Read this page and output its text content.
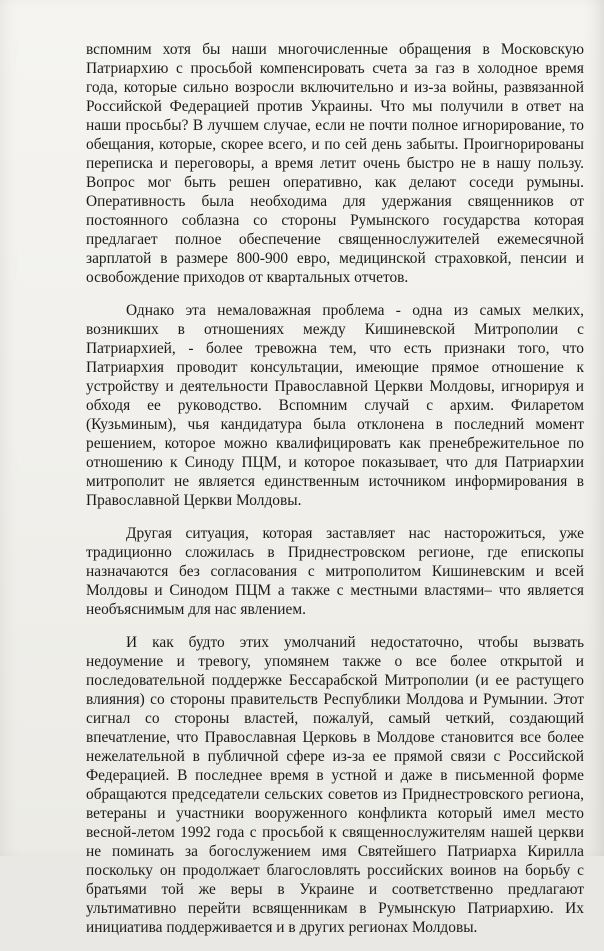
вспомним хотя бы наши многочисленные обращения в Московскую Патриархию с просьбой компенсировать счета за газ в холодное время года, которые сильно возросли включительно и из-за войны, развязанной Российской Федерацией против Украины. Что мы получили в ответ на наши просьбы? В лучшем случае, если не почти полное игнорирование, то обещания, которые, скорее всего, и по сей день забыты. Проигнорированы переписка и переговоры, а время летит очень быстро не в нашу пользу. Вопрос мог быть решен оперативно, как делают соседи румыны. Оперативность была необходима для удержания священников от постоянного соблазна со стороны Румынского государства которая предлагает полное обеспечение священнослужителей ежемесячной зарплатой в размере 800-900 евро, медицинской страховкой, пенсии и освобождение приходов от квартальных отчетов.

Однако эта немаловажная проблема - одна из самых мелких, возникших в отношениях между Кишиневской Митрополии с Патриархией, - более тревожна тем, что есть признаки того, что Патриархия проводит консультации, имеющие прямое отношение к устройству и деятельности Православной Церкви Молдовы, игнорируя и обходя ее руководство. Вспомним случай с архим. Филаретом (Кузьминым), чья кандидатура была отклонена в последний момент решением, которое можно квалифицировать как пренебрежительное по отношению к Синоду ПЦМ, и которое показывает, что для Патриархии митрополит не является единственным источником информирования в Православной Церкви Молдовы.

Другая ситуация, которая заставляет нас насторожиться, уже традиционно сложилась в Приднестровском регионе, где епископы назначаются без согласования с митрополитом Кишиневским и всей Молдовы и Синодом ПЦМ а также с местными властями– что является необъяснимым для нас явлением.

И как будто этих умолчаний недостаточно, чтобы вызвать недоумение и тревогу, упомянем также о все более открытой и последовательной поддержке Бессарабской Митрополии (и ее растущего влияния) со стороны правительств Республики Молдова и Румынии. Этот сигнал со стороны властей, пожалуй, самый четкий, создающий впечатление, что Православная Церковь в Молдове становится все более нежелательной в публичной сфере из-за ее прямой связи с Российской Федерацией. В последнее время в устной и даже в письменной форме обращаются председатели сельских советов из Приднестровского региона, ветераны и участники вооруженного конфликта который имел место весной-летом 1992 года с просьбой к священнослужителям нашей церкви не поминать за богослужением имя Святейшего Патриарха Кирилла поскольку он продолжает благословлять российских воинов на борьбу с братьями той же веры в Украине и соответственно предлагают ультимативно перейти всвященникам в Румынскую Патриархию. Их инициатива поддерживается и в других регионах Молдовы.
